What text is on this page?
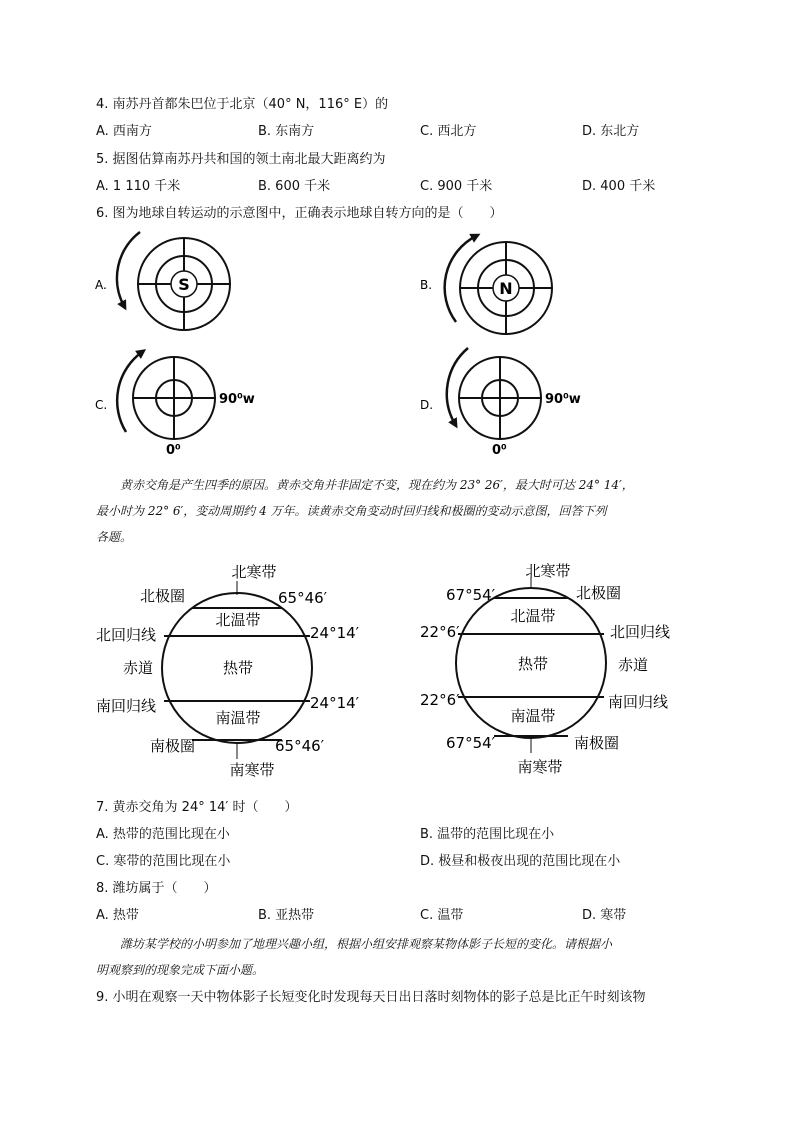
4. 南苏丹首都朱巴位于北京（40° N，116° E）的
A. 西南方	B. 东南方	C. 西北方	D. 东北方
5. 据图估算南苏丹共和国的领土南北最大距离约为
A. 1 110 千米	B. 600 千米	C. 900 千米	D. 400 千米
6. 图为地球自转运动的示意图中，正确表示地球自转方向的是（　　）
A.	S	B.	N
C.	90⁰w
0⁰
D.	90⁰w
0⁰
黄赤交角是产生四季的原因。黄赤交角并非固定不变，现在约为 23° 26′，最大时可达 24° 14′，
最小时为 22° 6′，变动周期约 4 万年。读黄赤交角变动时回归线和极圈的变动示意图，回答下列
各题。
北寒带
北极圈	65°46′
北温带
北回归线	24°14′
赤道	热带
南回归线	24°14′
南温带
南极圈	65°46′
南寒带
北寒带
67°54′	北极圈
北温带
22°6′	北回归线
热带	赤道
22°6′	南回归线
南温带
67°54′	南极圈
南寒带
7. 黄赤交角为 24° 14′ 时（　　）
A. 热带的范围比现在小	B. 温带的范围比现在小
C. 寒带的范围比现在小	D. 极昼和极夜出现的范围比现在小
8. 潍坊属于（　　）
A. 热带	B. 亚热带	C. 温带	D. 寒带
潍坊某学校的小明参加了地理兴趣小组，根据小组安排观察某物体影子长短的变化。请根据小
明观察到的现象完成下面小题。
9. 小明在观察一天中物体影子长短变化时发现每天日出日落时刻物体的影子总是比正午时刻该物
